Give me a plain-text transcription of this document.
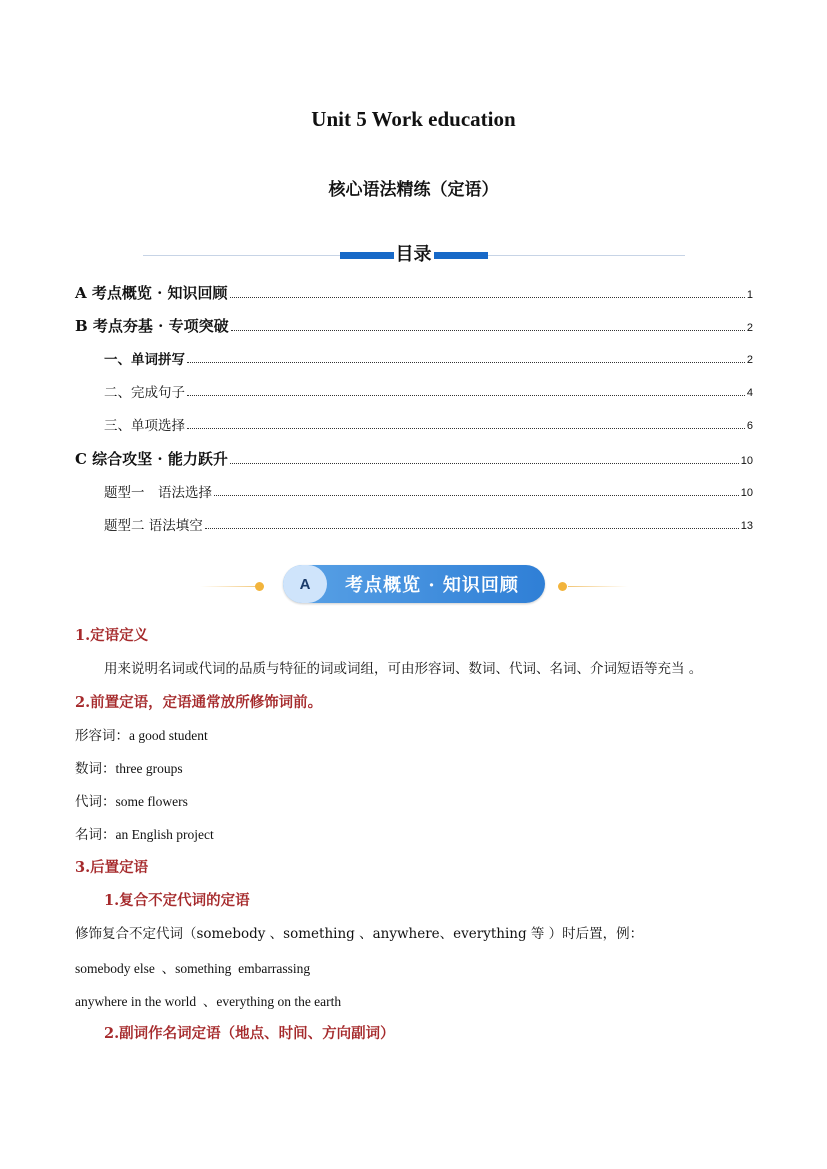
Unit 5 Work education
核心语法精练（定语）
目录
A 考点概览 · 知识回顾	1
B 考点夯基 · 专项突破	2
一、单词拼写	2
二、完成句子	4
三、单项选择	6
C 综合攻坚 · 能力跃升	10
题型一　语法选择	10
题型二 语法填空	13
A	考点概览 · 知识回顾
1.定语定义
用来说明名词或代词的品质与特征的词或词组，可由形容词、数词、代词、名词、介词短语等充当 。
2.前置定语，定语通常放所修饰词前。
形容词：a good student
数词：three groups
代词：some flowers
名词：an English project
3.后置定语
1.复合不定代词的定语
修饰复合不定代词（somebody 、something 、anywhere、everything 等 ）时后置，例：
somebody else  、something  embarrassing
anywhere in the world  、everything on the earth
2.副词作名词定语（地点、时间、方向副词）
